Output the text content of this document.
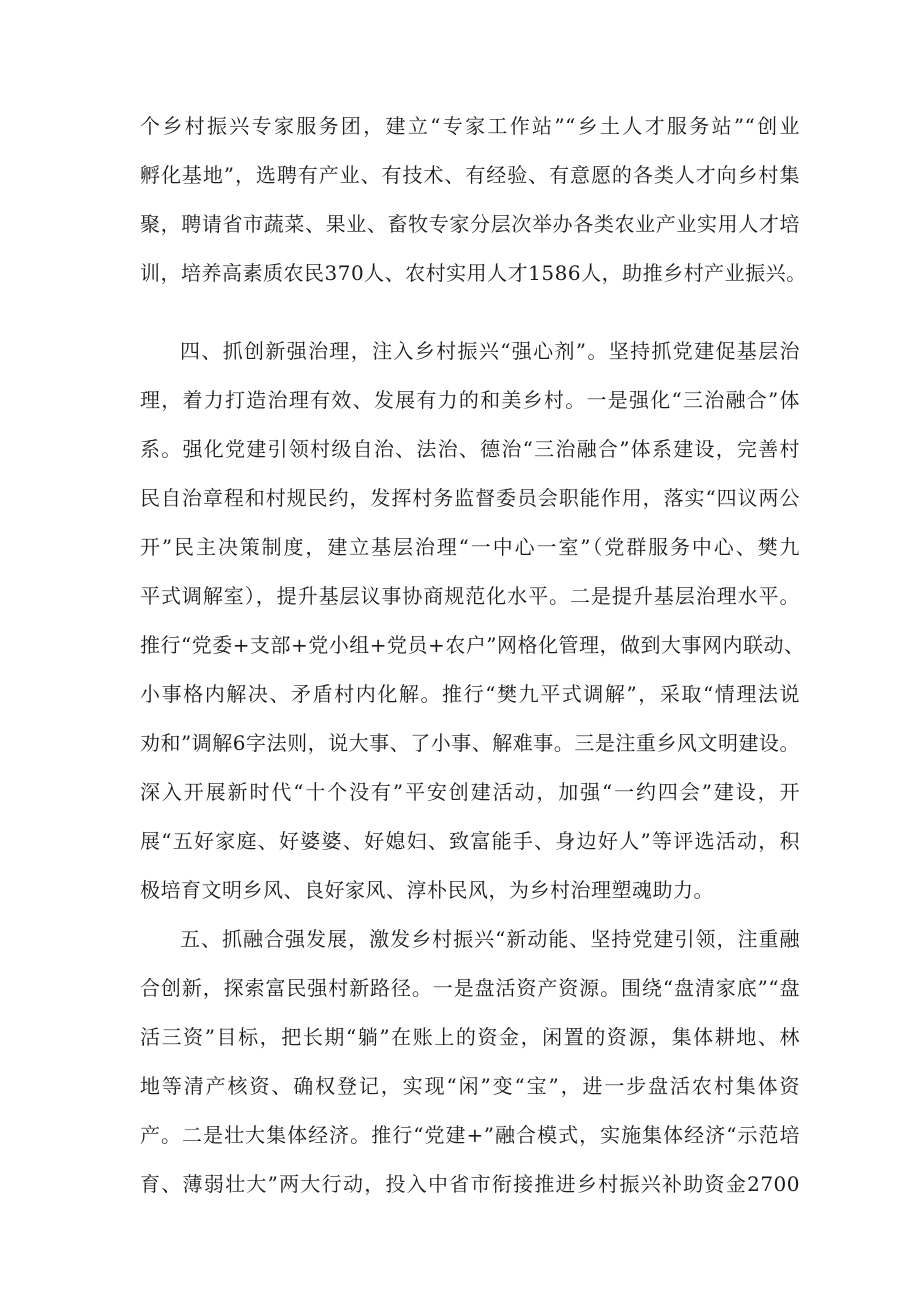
个乡村振兴专家服务团，建立“专家工作站”“乡土人才服务站”“创业
孵化基地”，选聘有产业、有技术、有经验、有意愿的各类人才向乡村集
聚，聘请省市蔬菜、果业、畜牧专家分层次举办各类农业产业实用人才培
训，培养高素质农民370人、农村实用人才1586人，助推乡村产业振兴。
四、抓创新强治理，注入乡村振兴“强心剂”。坚持抓党建促基层治
理，着力打造治理有效、发展有力的和美乡村。一是强化“三治融合”体
系。强化党建引领村级自治、法治、德治“三治融合”体系建设，完善村
民自治章程和村规民约，发挥村务监督委员会职能作用，落实“四议两公
开”民主决策制度，建立基层治理“一中心一室”（党群服务中心、樊九
平式调解室），提升基层议事协商规范化水平。二是提升基层治理水平。
推行“党委+支部+党小组+党员+农户”网格化管理，做到大事网内联动、
小事格内解决、矛盾村内化解。推行“樊九平式调解”，采取“情理法说
劝和”调解6字法则，说大事、了小事、解难事。三是注重乡风文明建设。
深入开展新时代“十个没有”平安创建活动，加强“一约四会”建设，开
展“五好家庭、好婆婆、好媳妇、致富能手、身边好人”等评选活动，积
极培育文明乡风、良好家风、淳朴民风，为乡村治理塑魂助力。
五、抓融合强发展，激发乡村振兴“新动能、坚持党建引领，注重融
合创新，探索富民强村新路径。一是盘活资产资源。围绕“盘清家底”“盘
活三资”目标，把长期“躺”在账上的资金，闲置的资源，集体耕地、林
地等清产核资、确权登记，实现“闲”变“宝”，进一步盘活农村集体资
产。二是壮大集体经济。推行“党建+”融合模式，实施集体经济“示范培
育、薄弱壮大”两大行动，投入中省市衔接推进乡村振兴补助资金2700
